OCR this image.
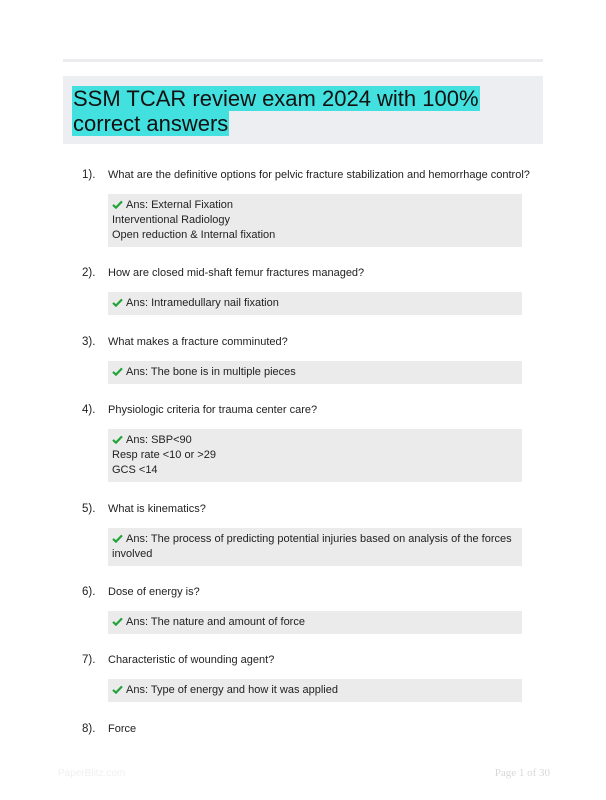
SSM TCAR review exam 2024 with 100% correct answers
1). What are the definitive options for pelvic fracture stabilization and hemorrhage control?
Ans: External Fixation
Interventional Radiology
Open reduction & Internal fixation
2). How are closed mid-shaft femur fractures managed?
Ans: Intramedullary nail fixation
3). What makes a fracture comminuted?
Ans: The bone is in multiple pieces
4). Physiologic criteria for trauma center care?
Ans: SBP<90
Resp rate <10 or >29
GCS <14
5). What is kinematics?
Ans: The process of predicting potential injuries based on analysis of the forces
involved
6). Dose of energy is?
Ans: The nature and amount of force
7). Characteristic of wounding agent?
Ans: Type of energy and how it was applied
8). Force
PaperBlitz.com	Page 1 of 30
